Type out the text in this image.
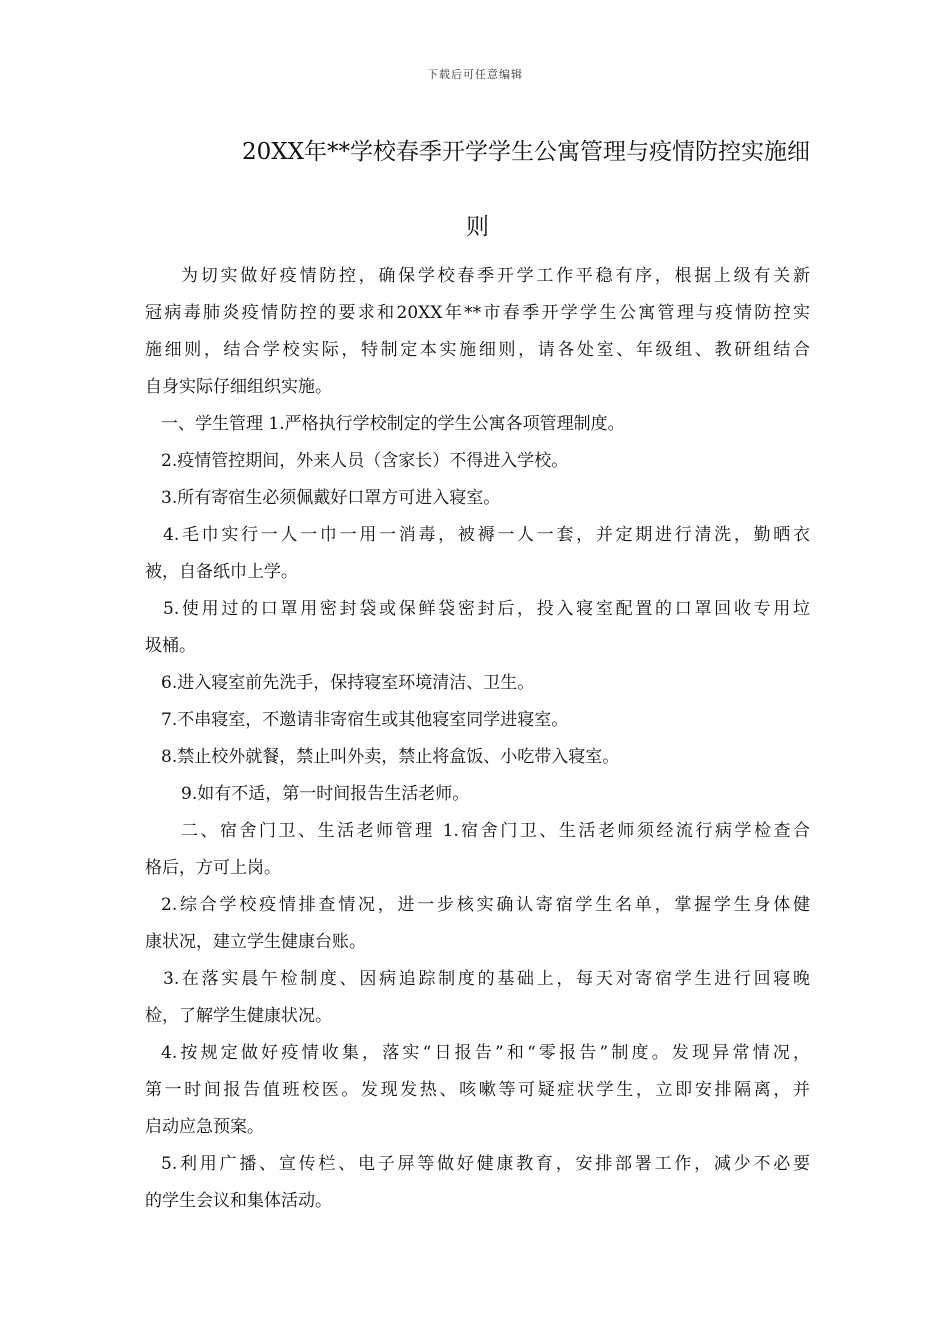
下载后可任意编辑
20XX年**学校春季开学学生公寓管理与疫情防控实施细
则
为切实做好疫情防控，确保学校春季开学工作平稳有序，根据上级有关新
冠病毒肺炎疫情防控的要求和20XX年**市春季开学学生公寓管理与疫情防控实
施细则，结合学校实际，特制定本实施细则，请各处室、年级组、教研组结合
自身实际仔细组织实施。
一、学生管理 1.严格执行学校制定的学生公寓各项管理制度。
2.疫情管控期间，外来人员（含家长）不得进入学校。
3.所有寄宿生必须佩戴好口罩方可进入寝室。
4.毛巾实行一人一巾一用一消毒，被褥一人一套，并定期进行清洗，勤晒衣
被，自备纸巾上学。
5.使用过的口罩用密封袋或保鲜袋密封后，投入寝室配置的口罩回收专用垃
圾桶。
6.进入寝室前先洗手，保持寝室环境清洁、卫生。
7.不串寝室，不邀请非寄宿生或其他寝室同学进寝室。
8.禁止校外就餐，禁止叫外卖，禁止将盒饭、小吃带入寝室。
9.如有不适，第一时间报告生活老师。
二、宿舍门卫、生活老师管理 1.宿舍门卫、生活老师须经流行病学检查合
格后，方可上岗。
2.综合学校疫情排查情况，进一步核实确认寄宿学生名单，掌握学生身体健
康状况，建立学生健康台账。
3.在落实晨午检制度、因病追踪制度的基础上，每天对寄宿学生进行回寝晚
检，了解学生健康状况。
4.按规定做好疫情收集，落实“日报告”和“零报告”制度。发现异常情况，
第一时间报告值班校医。发现发热、咳嗽等可疑症状学生，立即安排隔离，并
启动应急预案。
5.利用广播、宣传栏、电子屏等做好健康教育，安排部署工作，减少不必要
的学生会议和集体活动。
